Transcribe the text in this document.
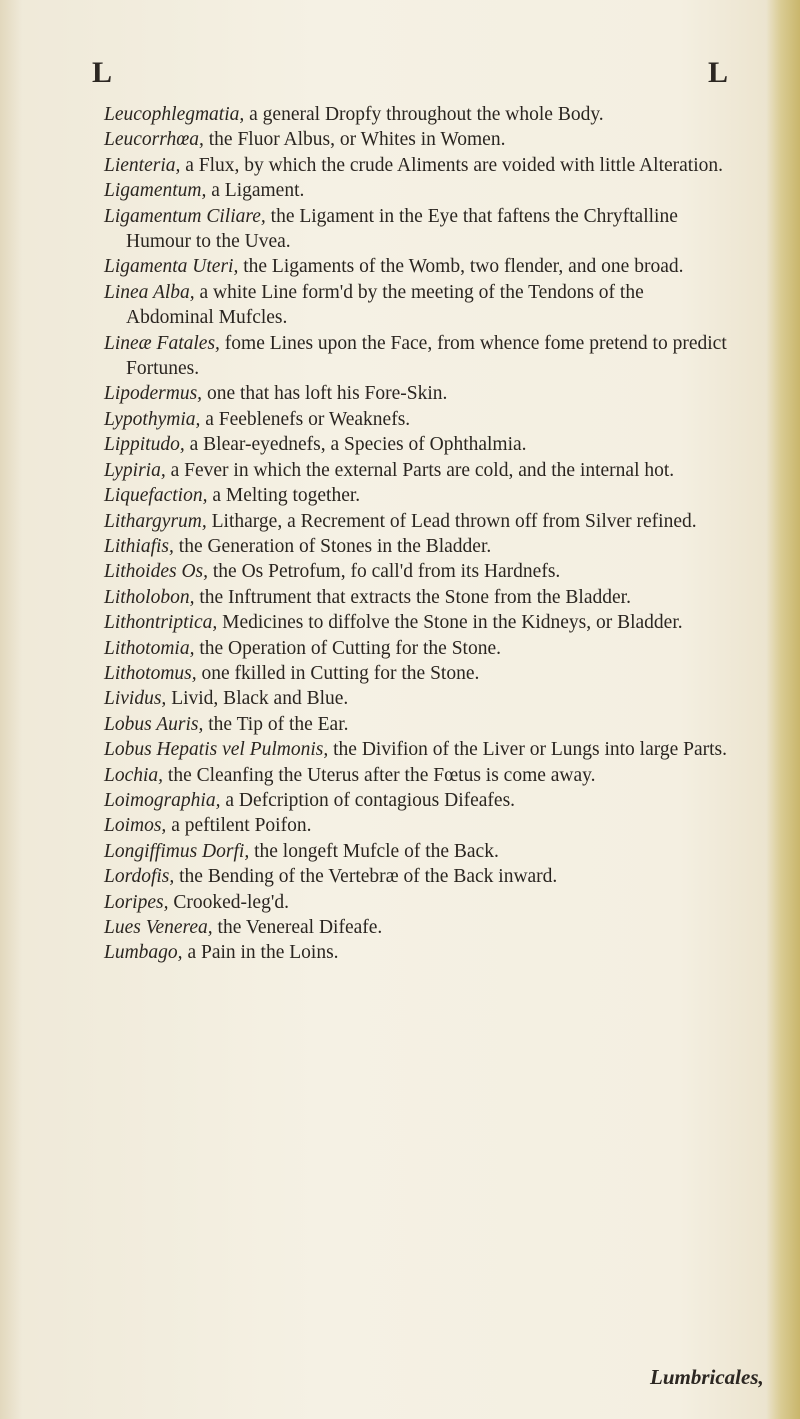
L	L

Leucophlegmatia, a general Dropfy throughout the whole Body.

Leucorrhœa, the Fluor Albus, or Whites in Women.

Lienteria, a Flux, by which the crude Aliments are voided with little Alteration.

Ligamentum, a Ligament.

Ligamentum Ciliare, the Ligament in the Eye that faftens the Chryftalline Humour to the Uvea.

Ligamenta Uteri, the Ligaments of the Womb, two flender, and one broad.

Linea Alba, a white Line form'd by the meeting of the Tendons of the Abdominal Mufcles.

Lineæ Fatales, fome Lines upon the Face, from whence fome pretend to predict Fortunes.

Lipodermus, one that has loft his Fore-Skin.

Lypothymia, a Feeblenefs or Weaknefs.

Lippitudo, a Blear-eyednefs, a Species of Ophthalmia.

Lypiria, a Fever in which the external Parts are cold, and the internal hot.

Liquefaction, a Melting together.

Lithargyrum, Litharge, a Recrement of Lead thrown off from Silver refined.

Lithiafis, the Generation of Stones in the Bladder.

Lithoides Os, the Os Petrofum, fo call'd from its Hardnefs.

Litholobon, the Inftrument that extracts the Stone from the Bladder.

Lithontriptica, Medicines to diffolve the Stone in the Kidneys, or Bladder.

Lithotomia, the Operation of Cutting for the Stone.

Lithotomus, one fkilled in Cutting for the Stone.

Lividus, Livid, Black and Blue.

Lobus Auris, the Tip of the Ear.

Lobus Hepatis vel Pulmonis, the Divifion of the Liver or Lungs into large Parts.

Lochia, the Cleanfing the Uterus after the Fœtus is come away.

Loimographia, a Defcription of contagious Difeafes.

Loimos, a peftilent Poifon.

Longiffimus Dorfi, the longeft Mufcle of the Back.

Lordofis, the Bending of the Vertebræ of the Back inward.

Loripes, Crooked-leg'd.

Lues Venerea, the Venereal Difeafe.

Lumbago, a Pain in the Loins.

Lumbricales,
